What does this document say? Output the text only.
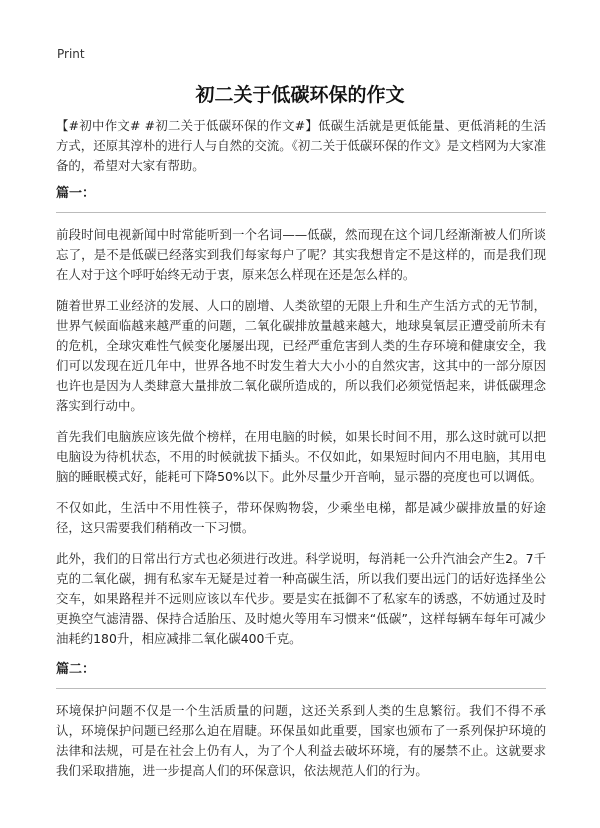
Print
初二关于低碳环保的作文

【#初中作文# #初二关于低碳环保的作文#】低碳生活就是更低能量、更低消耗的生活方式，还原其淳朴的进行人与自然的交流。《初二关于低碳环保的作文》是文档网为大家准备的，希望对大家有帮助。

篇一：

前段时间电视新闻中时常能听到一个名词——低碳，然而现在这个词几经渐渐被人们所谈忘了，是不是低碳已经落实到我们每家每户了呢？其实我想肯定不是这样的，而是我们现在人对于这个呼吁始终无动于衷，原来怎么样现在还是怎么样的。

随着世界工业经济的发展、人口的剧增、人类欲望的无限上升和生产生活方式的无节制，世界气候面临越来越严重的问题，二氧化碳排放量越来越大，地球臭氧层正遭受前所未有的危机，全球灾难性气候变化屡屡出现，已经严重危害到人类的生存环境和健康安全，我们可以发现在近几年中，世界各地不时发生着大大小小的自然灾害，这其中的一部分原因也许也是因为人类肆意大量排放二氧化碳所造成的，所以我们必须觉悟起来，讲低碳理念落实到行动中。

首先我们电脑族应该先做个榜样，在用电脑的时候，如果长时间不用，那么这时就可以把电脑设为待机状态，不用的时候就拔下插头。不仅如此，如果短时间内不用电脑，其用电脑的睡眠模式好，能耗可下降50%以下。此外尽量少开音响，显示器的亮度也可以调低。

不仅如此，生活中不用性筷子，带环保购物袋，少乘坐电梯，都是减少碳排放量的好途径，这只需要我们稍稍改一下习惯。

此外，我们的日常出行方式也必须进行改进。科学说明，每消耗一公升汽油会产生2。7千克的二氧化碳，拥有私家车无疑是过着一种高碳生活，所以我们要出远门的话好选择坐公交车，如果路程并不远则应该以车代步。要是实在抵御不了私家车的诱惑，不妨通过及时更换空气滤清器、保持合适胎压、及时熄火等用车习惯来“低碳”，这样每辆车每年可减少油耗约180升，相应减排二氧化碳400千克。

篇二：

环境保护问题不仅是一个生活质量的问题，这还关系到人类的生息繁衍。我们不得不承认，环境保护问题已经那么迫在眉睫。环保虽如此重要，国家也颁布了一系列保护环境的法律和法规，可是在社会上仍有人，为了个人利益去破坏环境，有的屡禁不止。这就要求我们采取措施，进一步提高人们的环保意识，依法规范人们的行为。
